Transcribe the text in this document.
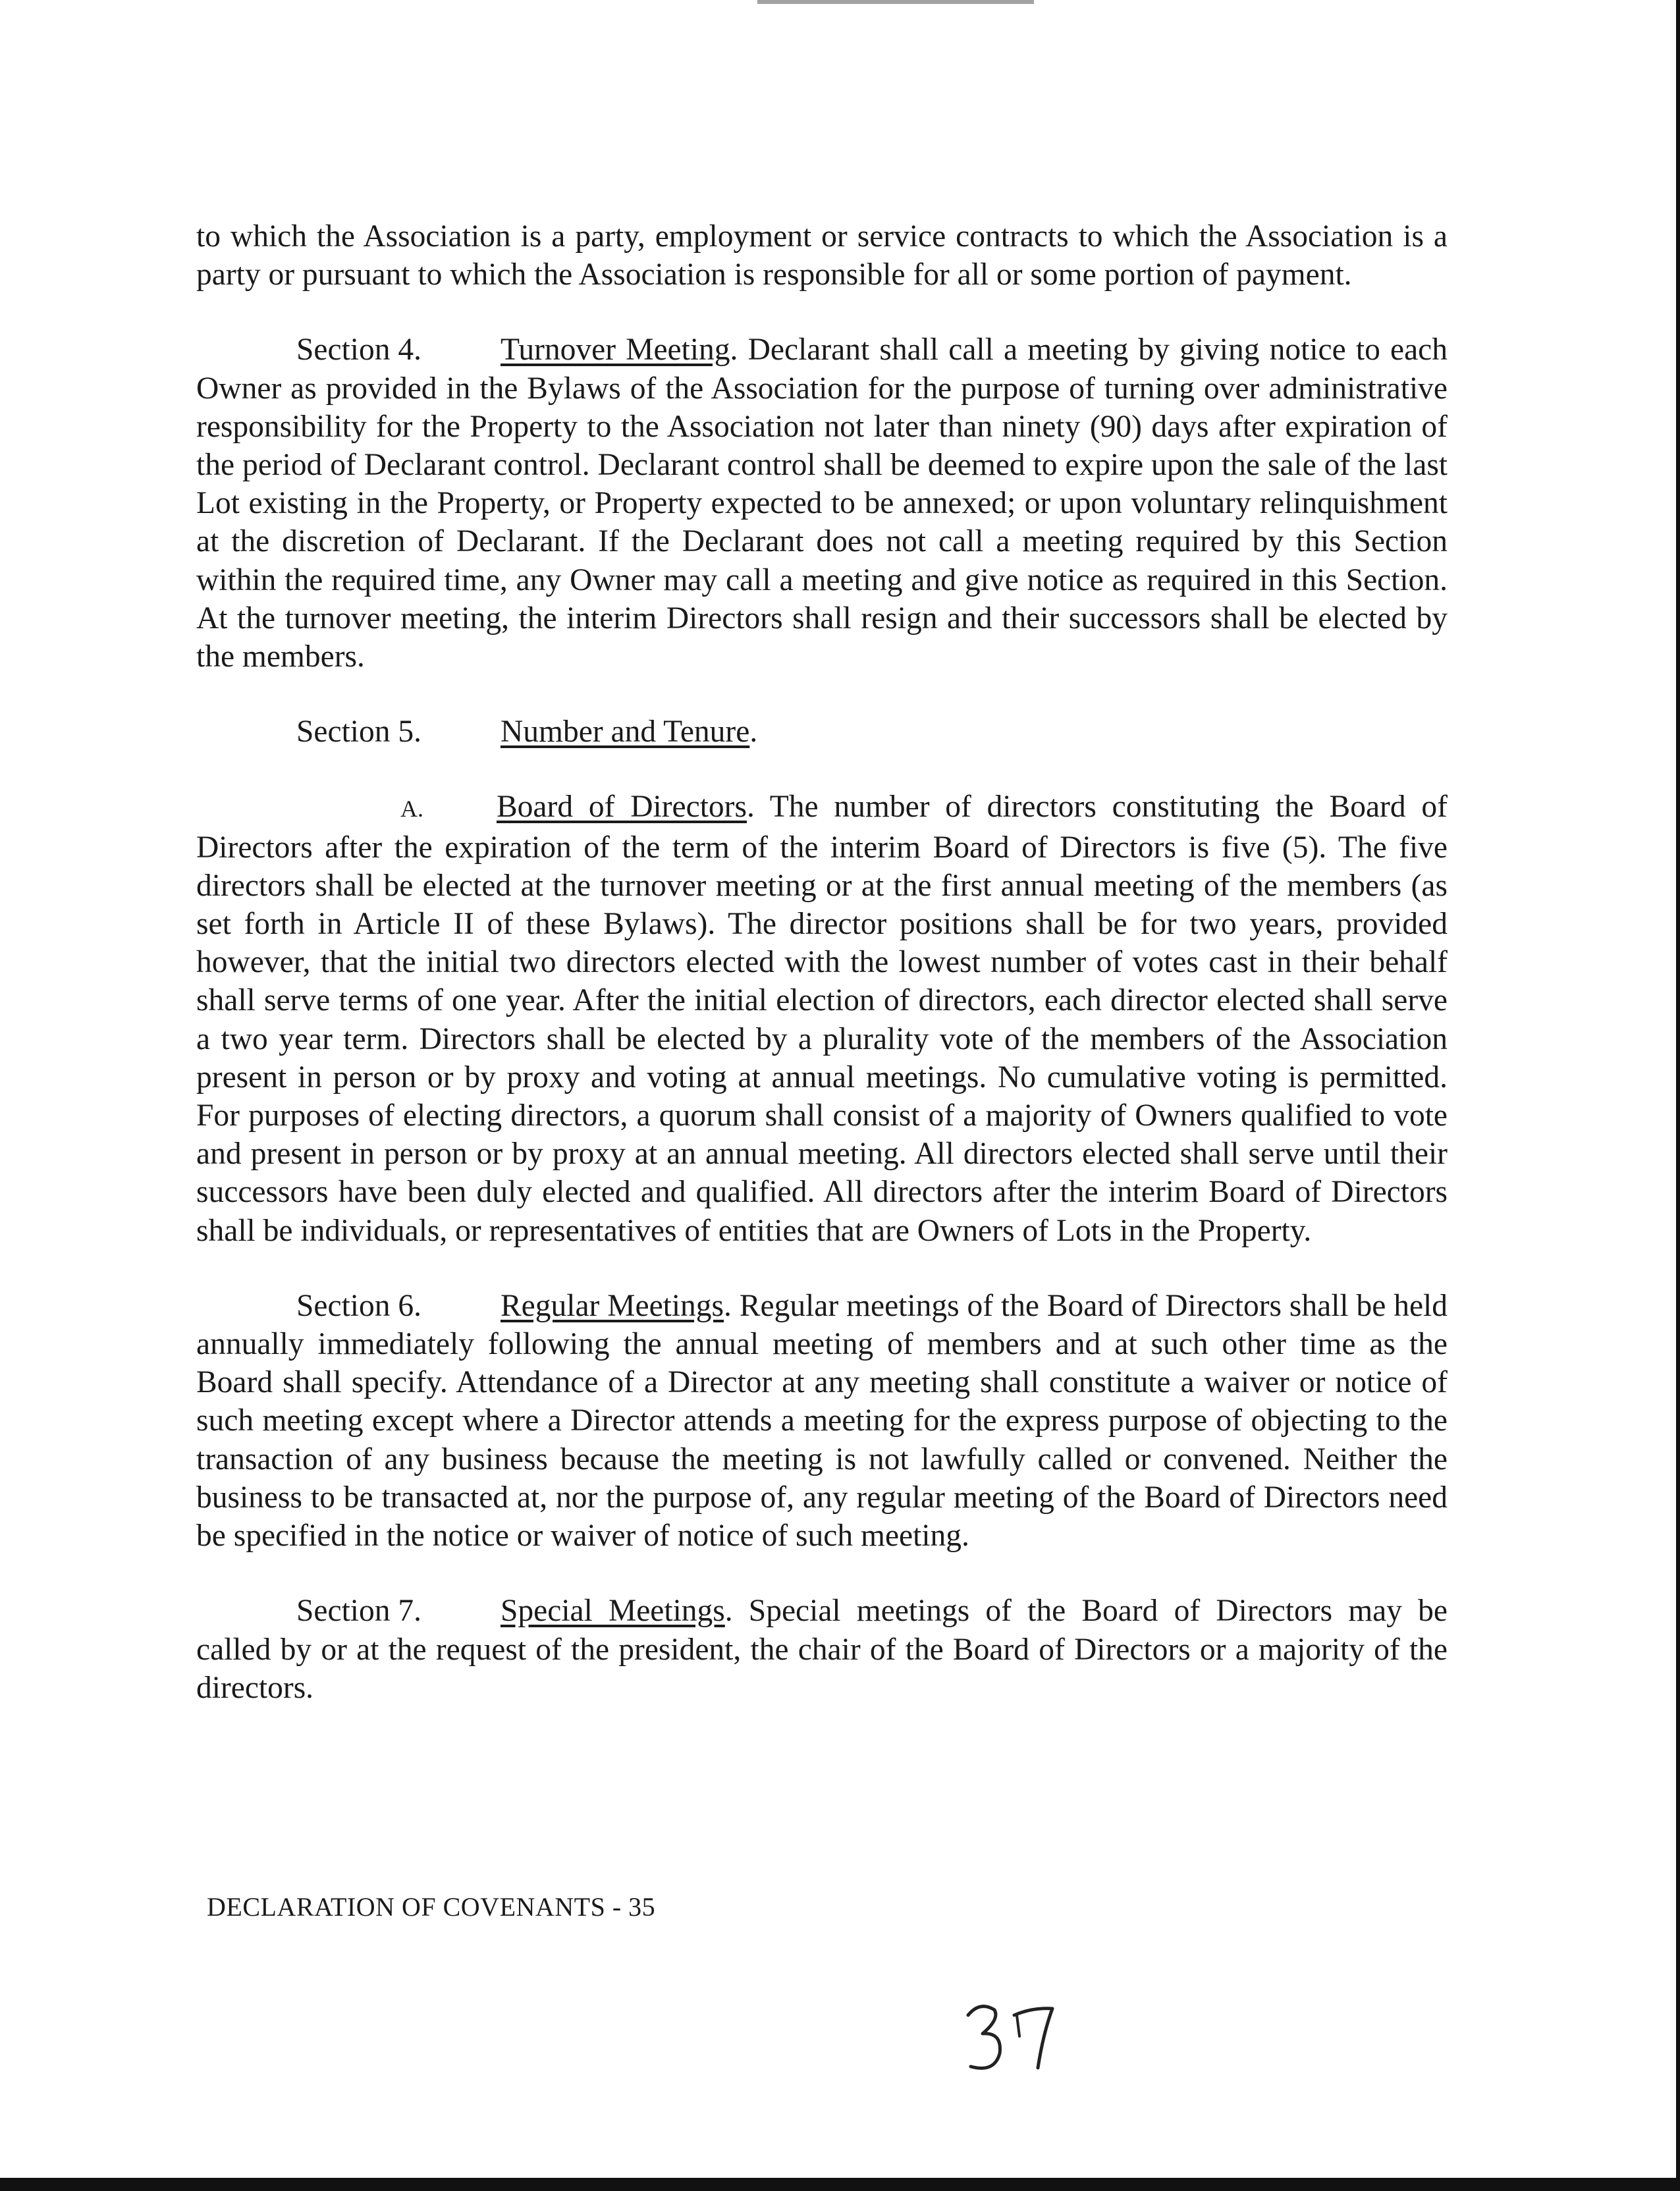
to which the Association is a party, employment or service contracts to which the Association is a party or pursuant to which the Association is responsible for all or some portion of payment.

Section 4.	Turnover Meeting. Declarant shall call a meeting by giving notice to each Owner as provided in the Bylaws of the Association for the purpose of turning over administrative responsibility for the Property to the Association not later than ninety (90) days after expiration of the period of Declarant control. Declarant control shall be deemed to expire upon the sale of the last Lot existing in the Property, or Property expected to be annexed; or upon voluntary relinquishment at the discretion of Declarant. If the Declarant does not call a meeting required by this Section within the required time, any Owner may call a meeting and give notice as required in this Section. At the turnover meeting, the interim Directors shall resign and their successors shall be elected by the members.

Section 5.	Number and Tenure.

A. Board of Directors. The number of directors constituting the Board of Directors after the expiration of the term of the interim Board of Directors is five (5). The five directors shall be elected at the turnover meeting or at the first annual meeting of the members (as set forth in Article II of these Bylaws). The director positions shall be for two years, provided however, that the initial two directors elected with the lowest number of votes cast in their behalf shall serve terms of one year. After the initial election of directors, each director elected shall serve a two year term. Directors shall be elected by a plurality vote of the members of the Association present in person or by proxy and voting at annual meetings. No cumulative voting is permitted. For purposes of electing directors, a quorum shall consist of a majority of Owners qualified to vote and present in person or by proxy at an annual meeting. All directors elected shall serve until their successors have been duly elected and qualified. All directors after the interim Board of Directors shall be individuals, or representatives of entities that are Owners of Lots in the Property.

Section 6.	Regular Meetings. Regular meetings of the Board of Directors shall be held annually immediately following the annual meeting of members and at such other time as the Board shall specify. Attendance of a Director at any meeting shall constitute a waiver or notice of such meeting except where a Director attends a meeting for the express purpose of objecting to the transaction of any business because the meeting is not lawfully called or convened. Neither the business to be transacted at, nor the purpose of, any regular meeting of the Board of Directors need be specified in the notice or waiver of notice of such meeting.

Section 7.	Special Meetings. Special meetings of the Board of Directors may be called by or at the request of the president, the chair of the Board of Directors or a majority of the directors.

DECLARATION OF COVENANTS - 35
